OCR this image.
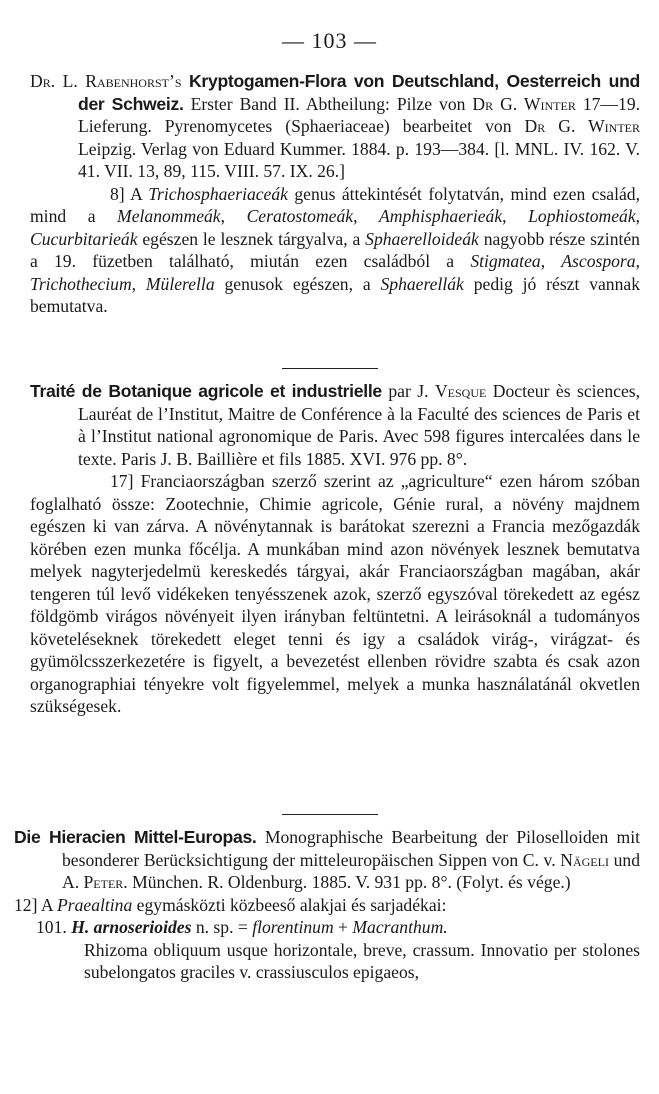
— 103 —

Dr. L. Rabenhorst’s Kryptogamen-Flora von Deutschland, Oesterreich und der Schweiz. Erster Band II. Abtheilung: Pilze von Dr G. Winter 17—19. Lieferung. Pyrenomycetes (Sphaeriaceae) bearbeitet von Dr G. Winter Leipzig. Verlag von Eduard Kummer. 1884. p. 193—384. [l. MNL. IV. 162. V. 41. VII. 13, 89, 115. VIII. 57. IX. 26.]

8] A Trichosphaeriaceák genus áttekintését folytatván, mind ezen család, mind a Melanommeák, Ceratostomeák, Amphisphaerieák, Lophiostomeák, Cucurbitarieák egészen le lesznek tárgyalva, a Sphaerelloideák nagyobb része szintén a 19. füzetben található, miután ezen családból a Stigmatea, Ascospora, Trichothecium, Mülerella genusok egészen, a Sphaerellák pedig jó részt vannak bemutatva.

Traité de Botanique agricole et industrielle par J. Vesque Docteur ès sciences, Lauréat de l’Institut, Maitre de Conférence à la Faculté des sciences de Paris et à l’Institut national agronomique de Paris. Avec 598 figures intercalées dans le texte. Paris J. B. Baillière et fils 1885. XVI. 976 pp. 8°.

17] Franciaországban szerző szerint az „agriculture“ ezen három szóban foglalható össze: Zootechnie, Chimie agricole, Génie rural, a növény majdnem egészen ki van zárva. A növénytannak is barátokat szerezni a Francia mezőgazdák körében ezen munka főcélja. A munkában mind azon növények lesznek bemutatva melyek nagyterjedelmü kereskedés tárgyai, akár Franciaországban magában, akár tengeren túl levő vidékeken tenyésszenek azok, szerző egyszóval törekedett az egész földgömb virágos növényeit ilyen irányban feltüntetni. A leirásoknál a tudományos követeléseknek törekedett eleget tenni és igy a családok virág-, virágzat- és gyümölcsszerkezetére is figyelt, a bevezetést ellenben rövidre szabta és csak azon organographiai tényekre volt figyelemmel, melyek a munka használatánál okvetlen szükségesek.

Die Hieracien Mittel-Europas. Monographische Bearbeitung der Piloselloiden mit besonderer Berücksichtigung der mitteleuropäischen Sippen von C. v. Nägeli und A. Peter. München. R. Oldenburg. 1885. V. 931 pp. 8°. (Folyt. és vége.)

12] A Praealtina egymásközti közbeeső alakjai és sarjadékai:

101. H. arnoserioides n. sp. = florentinum + Macranthum.

Rhizoma obliquum usque horizontale, breve, crassum. Innovatio per stolones subelongatos graciles v. crassiusculos epigaeos,
